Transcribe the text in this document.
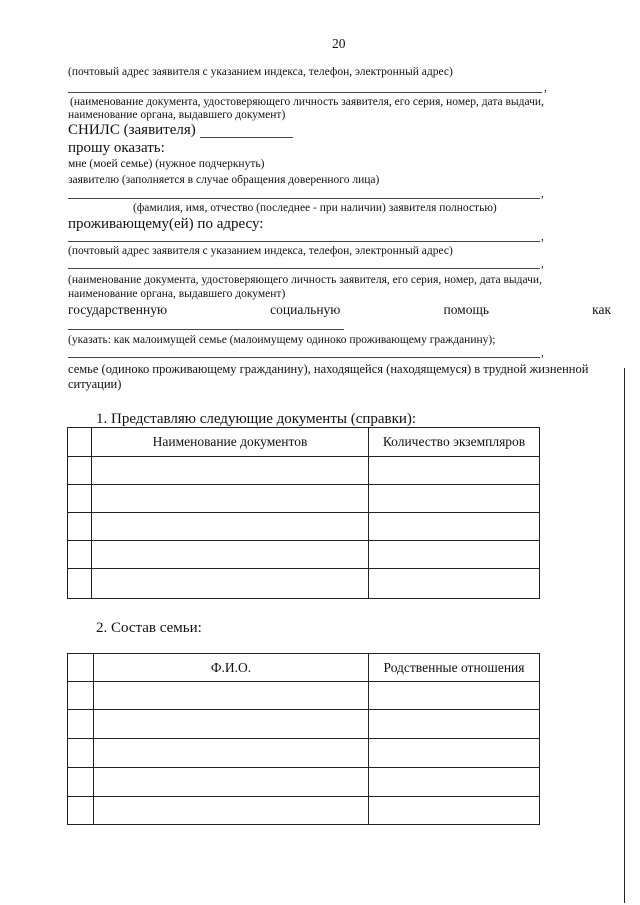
20
(почтовый адрес заявителя с указанием индекса, телефон, электронный адрес)
,
(наименование документа, удостоверяющего личность заявителя, его серия, номер, дата выдачи,
наименование органа, выдавшего документ)
СНИЛС (заявителя)
прошу оказать:
мне (моей семье) (нужное подчеркнуть)
заявителю (заполняется в случае обращения доверенного лица)
,
(фамилия, имя, отчество (последнее - при наличии) заявителя полностью)
проживающему(ей) по адресу:
,
(почтовый адрес заявителя с указанием индекса, телефон, электронный адрес)
,
(наименование документа, удостоверяющего личность заявителя, его серия, номер, дата выдачи,
наименование органа, выдавшего документ)
государственную	социальную	помощь	как
(указать: как малоимущей семье (малоимущему одиноко проживающему гражданину);
,
семье (одиноко проживающему гражданину), находящейся (находящемуся) в трудной жизненной
ситуации)
1. Представляю следующие документы (справки):
	Наименование документов	Количество экземпляров

2. Состав семьи:
	Ф.И.О.	Родственные отношения
